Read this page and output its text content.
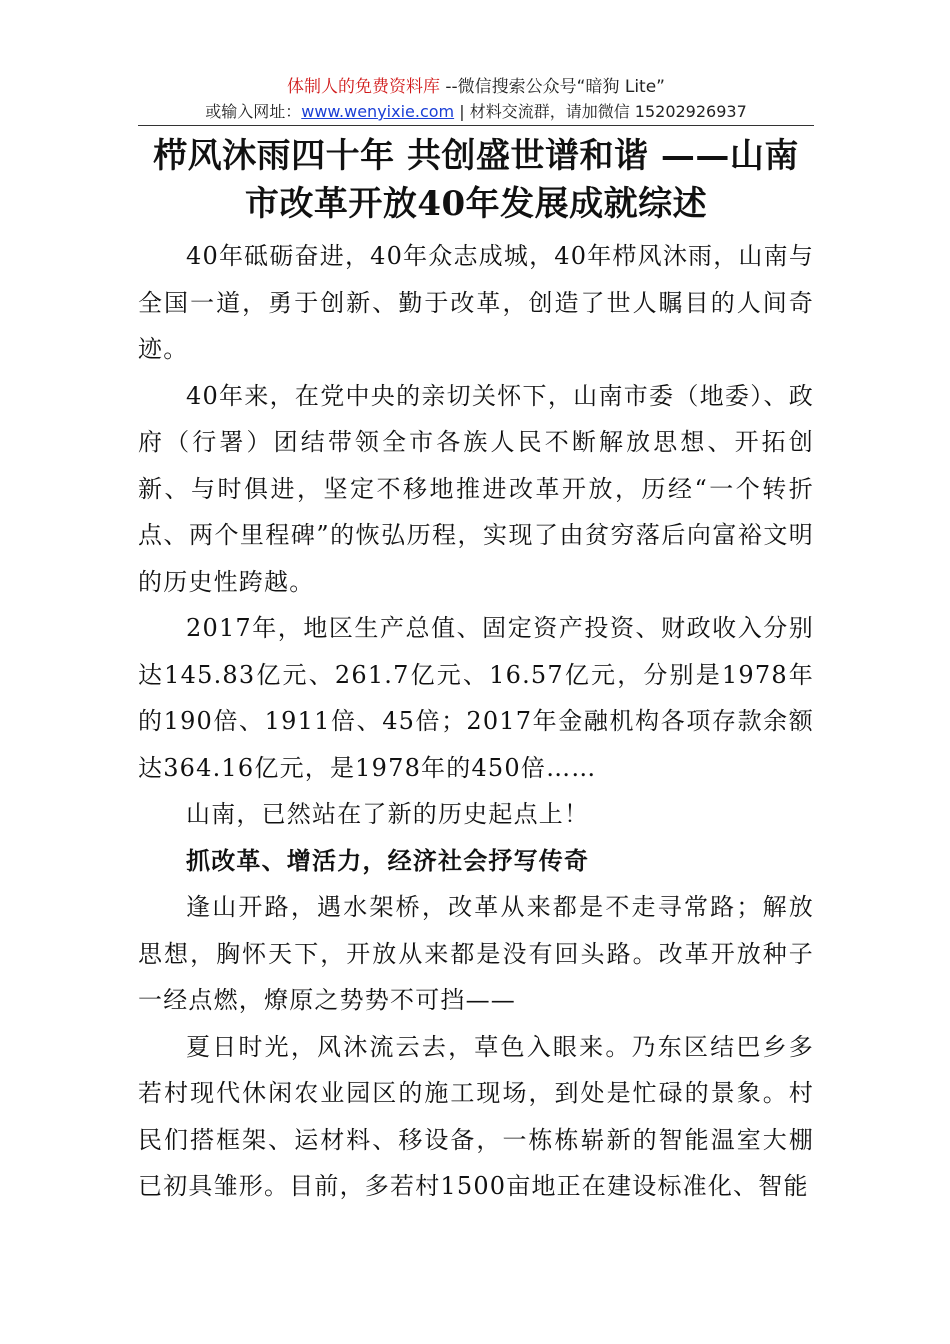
体制人的免费资料库 --微信搜索公众号“暗狗 Lite”
或输入网址：www.wenyixie.com | 材料交流群，请加微信 15202926937
栉风沐雨四十年 共创盛世谱和谐 ——山南市改革开放40年发展成就综述

40年砥砺奋进，40年众志成城，40年栉风沐雨，山南与全国一道，勇于创新、勤于改革，创造了世人瞩目的人间奇迹。

40年来，在党中央的亲切关怀下，山南市委（地委）、政府（行署）团结带领全市各族人民不断解放思想、开拓创新、与时俱进，坚定不移地推进改革开放，历经“一个转折点、两个里程碑”的恢弘历程，实现了由贫穷落后向富裕文明的历史性跨越。

2017年，地区生产总值、固定资产投资、财政收入分别达145.83亿元、261.7亿元、16.57亿元，分别是1978年的190倍、1911倍、45倍；2017年金融机构各项存款余额达364.16亿元，是1978年的450倍……

山南，已然站在了新的历史起点上！

抓改革、增活力，经济社会抒写传奇

逢山开路，遇水架桥，改革从来都是不走寻常路；解放思想，胸怀天下，开放从来都是没有回头路。改革开放种子一经点燃，燎原之势势不可挡——

夏日时光，风沐流云去，草色入眼来。乃东区结巴乡多若村现代休闲农业园区的施工现场，到处是忙碌的景象。村民们搭框架、运材料、移设备，一栋栋崭新的智能温室大棚已初具雏形。目前，多若村1500亩地正在建设标准化、智能
